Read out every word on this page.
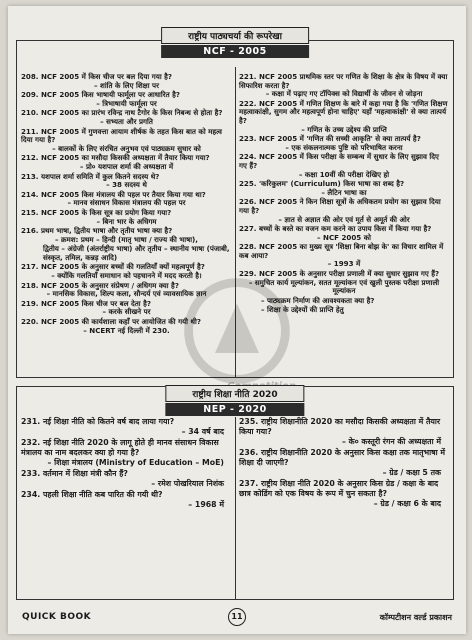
राष्ट्रीय पाठ्यचर्या की रूपरेखा
NCF - 2005
208. NCF 2005 में किस चीज पर बल दिया गया है?
– शांति के लिए शिक्षा पर
209. NCF 2005 किस भाषायी फार्मूला पर आधारित है?
– त्रिभाषायी फार्मूला पर
210. NCF 2005 का प्रारंभ रविन्द्र नाथ टैगोर के किस निबन्ध से होता है?
– सभ्यता और प्रगति
211. NCF 2005 में गुणवत्ता आयाम शीर्षक के तहत किस बात को महत्व दिया गया है?
– बालकों के लिए संरचित अनुभव एवं पाठ्यक्रम सुधार को
212. NCF 2005 का मसौदा किसकी अध्यक्षता में तैयार किया गया?
– प्रो० यशपाल शर्मा की अध्यक्षता में
213. यशपाल शर्मा समिति में कुल कितने सदस्य थे?
– 38 सदस्य थे
214. NCF 2005 किस मंत्रालय की पहल पर तैयार किया गया था?
– मानव संसाधन विकास मंत्रालय की पहल पर
215. NCF 2005 के किस सूत्र का प्रयोग किया गया?
– बिना भार के अधिगम
216. प्रथम भाषा, द्वितीय भाषा और तृतीय भाषा क्या है?
– क्रमश: प्रथम – हिन्दी (मातृ भाषा / राज्य की भाषा),
द्वितीय – अंग्रेजी (अंतर्राष्ट्रीय भाषा) और तृतीय – स्थानीय भाषा (पंजाबी, संस्कृत, तमिल, कन्नड़ आदि)
217. NCF 2005 के अनुसार बच्चों की गलतियाँ क्यों महत्वपूर्ण है?
– क्योंकि गलतियाँ समाधान को पहचानने में मदद करती है।
218. NCF 2005 के अनुसार संप्रेषण / अधिगम क्या है?
– मानसिक विकास, शिल्प कला, सौन्दर्य एवं व्यावसायिक ज्ञान
219. NCF 2005 किस चीज पर बल देता है?
– करके सीखने पर
220. NCF 2005 की कार्यशाला कहाँ पर आयोजित की गयी थी?
– NCERT नई दिल्ली में 230.
221. NCF 2005 प्राथमिक स्तर पर गणित के शिक्षा के क्षेत्र के विषय में क्या सिफारिश करता है?
– कक्षा में पढ़ाए गए टॉपिक्स को विद्यार्थी के जीवन से जोड़ना
222. NCF 2005 में गणित शिक्षण के बारे में कहा गया है कि 'गणित शिक्षण महत्वाकांक्षी, सुगम और महत्वपूर्ण होना चाहिए' यहाँ 'महत्वाकांक्षी' से क्या तात्पर्य है?
– गणित के उच्च उद्देश्य की प्राप्ति
223. NCF 2005 में 'गणित की सच्ची आकृति' से क्या तात्पर्य है?
– एक संकलनात्मक पुष्टि को परिभाषित करना
224. NCF 2005 में किस परीक्षा के सम्बन्ध में सुधार के लिए सुझाव दिए गए हैं?
– कक्षा 10वीं की परीक्षा देखिए हो
225. 'करिकुलम' (Curriculum) किस भाषा का शब्द है?
– लैटिन भाषा का
226. NCF 2005 ने किन शिक्षा सूत्रों के अधिकतम प्रयोग का सुझाव दिया गया है?
– ज्ञात से अज्ञात की ओर एवं मूर्त से अमूर्त की ओर
227. बच्चों के बस्ते का वजन कम करने का उपाय किस में किया गया है?
– NCF 2005 को
228. NCF 2005 का मुख्य सूत्र 'शिक्षा बिना बोझ के' का विचार शामिल में कब आया?
– 1993 में
229. NCF 2005 के अनुसार परीक्षा प्रणाली में क्या सुधार सुझाव गए हैं?
– समुचित कार्य मूल्यांकन, सतत मूल्यांकन एवं खुली पुस्तक परीक्षा प्रणाली मूल्यांकन
– पाठ्यक्रम निर्माण की आवश्यकता क्या है?
– शिक्षा के उद्देश्यों की प्राप्ति हेतु
राष्ट्रीय शिक्षा नीति 2020
NEP - 2020
231. नई शिक्षा नीति को कितने वर्ष बाद लाया गया?
– 34 वर्ष बाद
232. नई शिक्षा नीति 2020 के लागू होते ही मानव संसाधन विकास मंत्रालय का नाम बदलकर क्या हो गया है?
– शिक्षा मंत्रालय (Ministry of Education – MoE)
233. वर्तमान में शिक्षा मंत्री कौन हैं?
– रमेश पोखरियाल निशंक
234. पहली शिक्षा नीति कब पारित की गयी थी?
– 1968 में
235. राष्ट्रीय शिक्षानीति 2020 का मसौदा किसकी अध्यक्षता में तैयार किया गया?
– के० कस्तूरी रंगन की अध्यक्षता में
236. राष्ट्रीय शिक्षानीति 2020 के अनुसार किस कक्षा तक मातृभाषा में शिक्षा दी जाएगी?
– ग्रेड / कक्षा 5 तक
237. राष्ट्रीय शिक्षा नीति 2020 के अनुसार किस ग्रेड / कक्षा के बाद छात्र कोडिंग को एक विषय के रूप में चुन सकता है?
– ग्रेड / कक्षा 6 के बाद
QUICK BOOK	11	कॉम्पटीशन वर्ल्ड प्रकाशन
